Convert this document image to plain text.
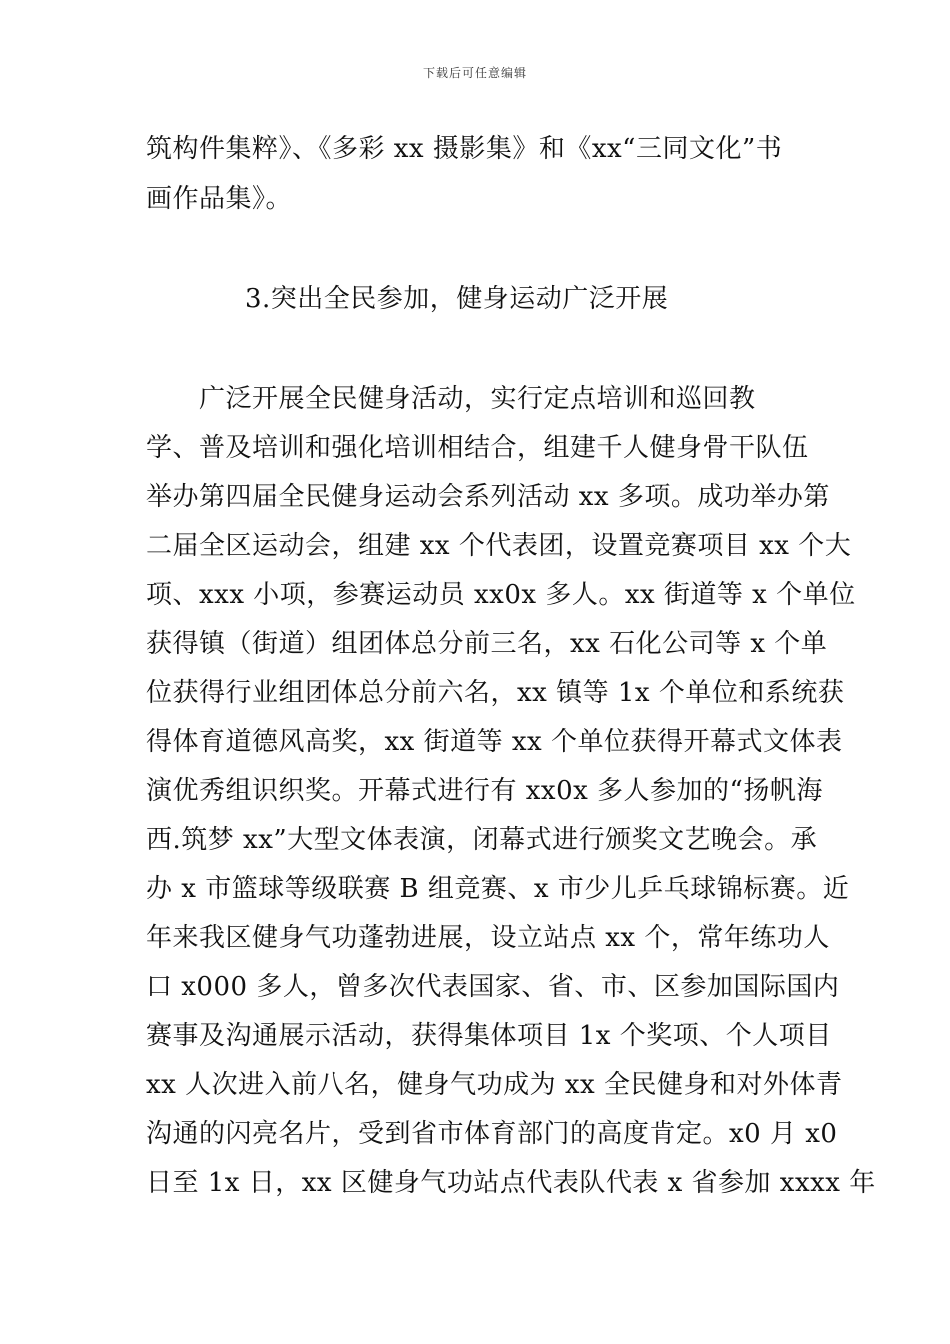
下载后可任意编辑
筑构件集粹》、《多彩 xx 摄影集》和《xx“三同文化”书
画作品集》。
3.突出全民参加，健身运动广泛开展
　　广泛开展全民健身活动，实行定点培训和巡回教
学、普及培训和强化培训相结合，组建千人健身骨干队伍
举办第四届全民健身运动会系列活动 xx 多项。成功举办第
二届全区运动会，组建 xx 个代表团，设置竞赛项目 xx 个大
项、xxx 小项，参赛运动员 xx0x 多人。xx 街道等 x 个单位
获得镇（街道）组团体总分前三名，xx 石化公司等 x 个单
位获得行业组团体总分前六名，xx 镇等 1x 个单位和系统获
得体育道德风高奖，xx 街道等 xx 个单位获得开幕式文体表
演优秀组识织奖。开幕式进行有 xx0x 多人参加的“扬帆海
西.筑梦 xx”大型文体表演，闭幕式进行颁奖文艺晚会。承
办 x 市篮球等级联赛 B 组竞赛、x 市少儿乒乓球锦标赛。近
年来我区健身气功蓬勃进展，设立站点 xx 个，常年练功人
口 x000 多人，曾多次代表国家、省、市、区参加国际国内
赛事及沟通展示活动，获得集体项目 1x 个奖项、个人项目
xx 人次进入前八名，健身气功成为 xx 全民健身和对外体青
沟通的闪亮名片，受到省市体育部门的高度肯定。x0 月 x0
日至 1x 日，xx 区健身气功站点代表队代表 x 省参加 xxxx 年
